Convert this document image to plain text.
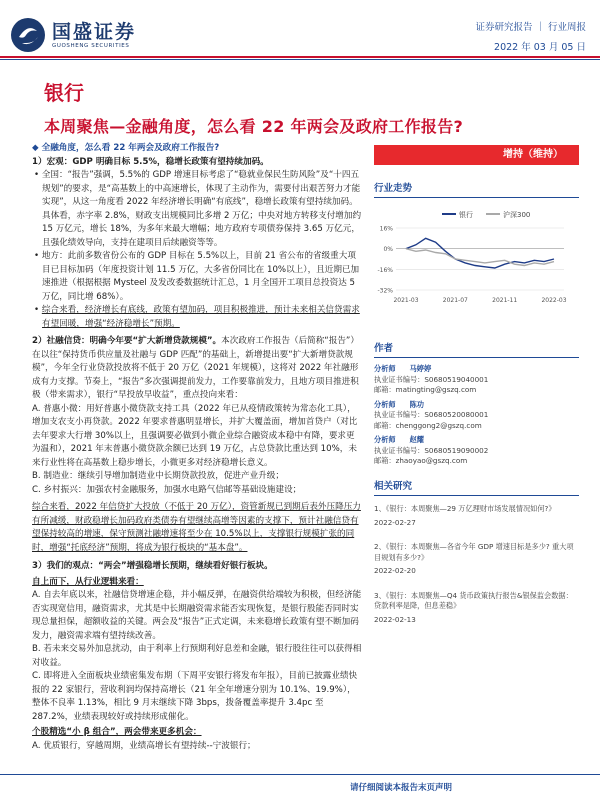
国盛证券
GUOSHENG SECURITIES
证券研究报告 ｜ 行业周报
2022 年 03 月 05 日
银行
本周聚焦—金融角度，怎么看 22 年两会及政府工作报告?

◆ 全融角度，怎么看 22 年两会及政府工作报告?

1）宏观：GDP 明确目标 5.5%，稳增长政策有望持续加码。

• 全国：“报告”强调，5.5%的 GDP 增速目标考虑了“稳就业保民生防风险”及“十四五规划”的要求，是“高基数上的中高速增长，体现了主动作为，需要付出艰苦努力才能实现”，从这一角度看 2022 年经济增长明确“有底线”，稳增长政策有望持续加码。具体看，赤字率 2.8%，财政支出规模同比多增 2 万亿；中央对地方转移支付增加约 15 万亿元，增长 18%，为多年来最大增幅；地方政府专项债券保持 3.65 万亿元，且强化绩效导向，支持在建项目后续融资等等。

• 地方：此前多数省份公布的 GDP 目标在 5.5%以上，目前 21 省公布的省级重大项目已目标加码（年度投资计划 11.5 万亿，大多省份同比在 10%以上），且近期已加速推进（根据根据 Mysteel 及发改委数据统计汇总，1 月全国开工项目总投资达 5 万亿，同比增 68%）。

• 综合来看，经济增长有底线，政策有望加码，项目积极推进，预计未来相关信贷需求有望回暖，增强“经济稳增长”预期。

2）社融信贷：明确今年要“扩大新增贷款规模”。本次政府工作报告（后简称“报告”）在以往“保持货币供应量及社融与 GDP 匹配”的基础上，新增提出要“扩大新增贷款规模”，今年全行业贷款投放将不低于 20 万亿（2021 年规模），这将对 2022 年社融形成有力支撑。节奏上，“报告”多次强调提前发力，工作要靠前发力，且地方项目推进积极（带来需求），银行“早投放早收益”，重点投向来看：

A. 普惠小微：用好普惠小微贷款支持工具（2022 年已从疫情政策转为常态化工具），增加支农支小再贷款。2022 年要求普惠明显增长，并扩大覆盖面，增加首贷户（对比去年要求大行增 30%以上，且强调要必做到小微企业综合融资成本稳中有降，要求更为温和），2021 年末普惠小微贷款余额已达到 19 万亿，占总贷款比重达到 10%，未来行业性将在高基数上稳步增长，小微更多对经济稳增长意义。

B. 制造业：继续引导增加制造业中长期贷款投放，促进产业升级；

C. 乡村振兴：加强农村金融服务，加强水电路气信邮等基础设施建设；

综合来看，2022 年信贷扩大投放（不低于 20 万亿），资管新规已到期后表外压降压力有所减缓，财政稳增长加码政府类债券有望继续高增等因素的支撑下，预计社融信贷有望保持较高的增速，保守预测社融增速将至少在 10.5%以上，支撑银行规模扩张的同时，增强“托底经济”预期，将成为银行板块的“基本盘”。

3）我们的观点：“两会”增强稳增长预期，继续看好银行板块。

自上而下，从行业逻辑来看：

A. 自去年底以来，社融信贷增速企稳，并小幅反弹，在融资供给端较为积极，但经济能否实现宽信用，融资需求，尤其是中长期融资需求能否实现恢复，是银行股能否同时实现总量担保，超额收益的关键。两会及“报告”正式定调，未来稳增长政策有望不断加码发力，融资需求端有望持续改善。

B. 若未来交易外加息扰动，由于利率上行预期利好息差和金融，银行股往往可以获得相对收益。

C. 即将进入全面板块业绩密集发布期（下周平安银行将发布年报），目前已披露业绩快报的 22 家银行，营收利润均保持高增长（21 年全年增速分别为 10.1%、19.9%），整体不良率 1.13%，相比 9 月末继续下降 3bps，拨备覆盖率提升 3.4pc 至 287.2%，业绩表现较好或持续形成催化。

个股精选“小 β 组合”，两会带来更多机会：

A. 优质银行，穿越周期，业绩高增长有望持续--宁波银行；

增持（维持）
行业走势
16%
0%
-16%
-32%
2021-03	2021-07	2021-11	2022-03
银行	沪深300
作者
分析师 马婷婷
执业证书编号：S0680519040001
邮箱：matingting@gszq.com
分析师 陈功
执业证书编号：S0680520080001
邮箱：chenggong2@gszq.com
分析师 赵耀
执业证书编号：S0680519090002
邮箱：zhaoyao@gszq.com
相关研究
1、《银行：本周聚焦—29 万亿理财市场发展情况如何?》
2022-02-27
2、《银行：本周聚焦—各省今年 GDP 增速目标是多少? 重大项目规划有多少?》
2022-02-20
3、《银行：本周聚焦—Q4 货币政策执行报告&银保监会数据：贷款利率是降，但息差稳》
2022-02-13
请仔细阅读本报告末页声明
